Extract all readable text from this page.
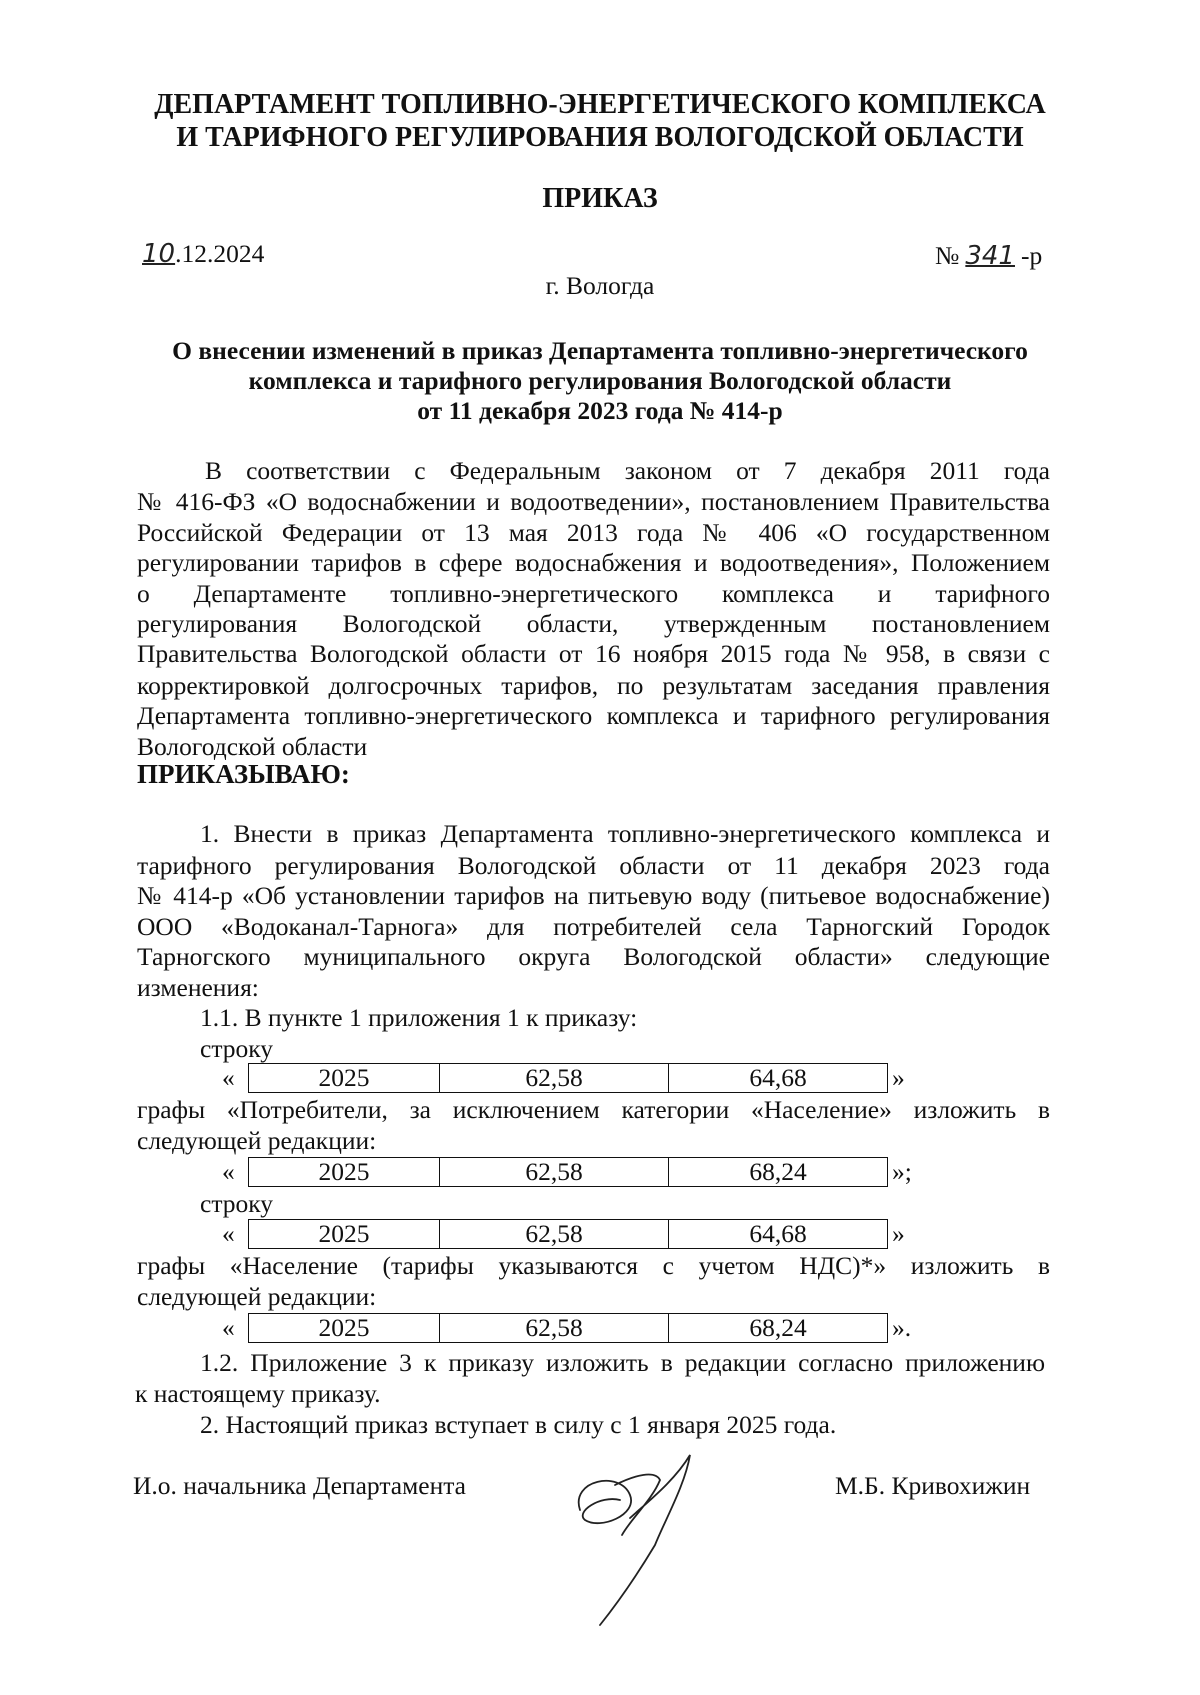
ДЕПАРТАМЕНТ ТОПЛИВНО-ЭНЕРГЕТИЧЕСКОГО КОМПЛЕКСА
И ТАРИФНОГО РЕГУЛИРОВАНИЯ ВОЛОГОДСКОЙ ОБЛАСТИ
ПРИКАЗ
10.12.2024	№ 341 -р
г. Вологда
О внесении изменений в приказ Департамента топливно-энергетического
комплекса и тарифного регулирования Вологодской области
от 11 декабря 2023 года № 414-р
В соответствии с Федеральным законом от 7 декабря 2011 года
№ 416-ФЗ «О водоснабжении и водоотведении», постановлением Правительства
Российской Федерации от 13 мая 2013 года № 406 «О государственном
регулировании тарифов в сфере водоснабжения и водоотведения», Положением
о Департаменте топливно-энергетического комплекса и тарифного
регулирования Вологодской области, утвержденным постановлением
Правительства Вологодской области от 16 ноября 2015 года № 958, в связи с
корректировкой долгосрочных тарифов, по результатам заседания правления
Департамента топливно-энергетического комплекса и тарифного регулирования
Вологодской области
ПРИКАЗЫВАЮ:
1. Внести в приказ Департамента топливно-энергетического комплекса и
тарифного регулирования Вологодской области от 11 декабря 2023 года
№ 414-р «Об установлении тарифов на питьевую воду (питьевое водоснабжение)
ООО «Водоканал-Тарнога» для потребителей села Тарногский Городок
Тарногского муниципального округа Вологодской области» следующие
изменения:
1.1. В пункте 1 приложения 1 к приказу:
строку
«	2025	62,58	64,68	»
графы «Потребители, за исключением категории «Население» изложить в
следующей редакции:
«	2025	62,58	68,24	»;
строку
«	2025	62,58	64,68	»
графы «Население (тарифы указываются с учетом НДС)*» изложить в
следующей редакции:
«	2025	62,58	68,24	».
1.2. Приложение 3 к приказу изложить в редакции согласно приложению
к настоящему приказу.
2. Настоящий приказ вступает в силу с 1 января 2025 года.
И.о. начальника Департамента	М.Б. Кривохижин
